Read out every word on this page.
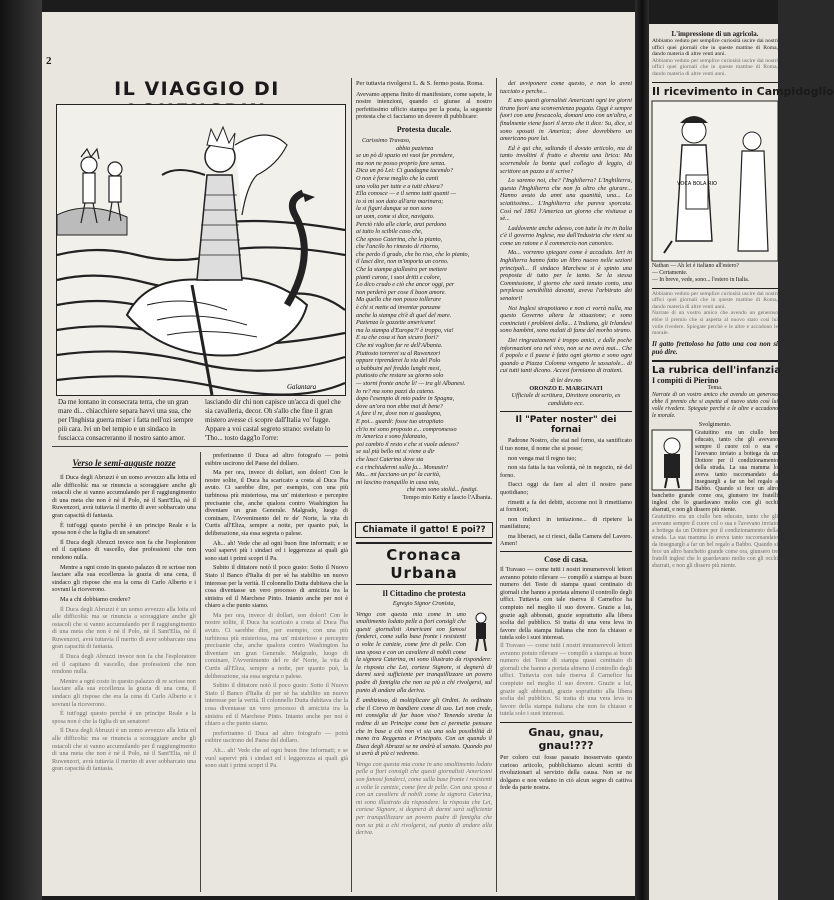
2
IL VIAGGIO DI
Galantara
Da me lontano in consecrata terra, che un gran mare di... chiacchiere separa havvi una sua, che per l'Inghista guerra miser i fatta nell'ozi sempre più cara. Ivi un bel tempio e un sindaco in fusciacca consacreranno il nostro santo amor.
lasciando dir chi non capisce un'acca di quel che sia cavalleria, decor. Oh s'allo che fine il gran mistero avesse ci scopre dall'Italia vo' fugge. Appare a voi castal segreto strano: svelato lo 'Tho... tosto dagg'lo l'orre:
Verso le semi-auguste nozze

Il Duca degli Abruzzi è un uomo avvezzo alla lotta ed alle difficoltà: ma se rinuncia a scoraggiare anche gli ostacoli che si vanno accumulando per il raggiungimento di una meta che non è nè il Polo, nè il Sant'Elia, nè il Ruwenzori, avrà tuttavia il merito di aver sobbarcato una gran capacità di fantasia.

È tutt'oggi questo perchè è un principe Reale e la sposa non è che la figlia di un senatore!

Il Duca degli Abruzzi invece non fa che l'esploratore ed il capitano di vascello, due professioni che non rendono nulla.

Mentre a ogni costo in questo palazzo di re scrisse non lasciare alla sua eccellenza la grazia di una cena, il sindaco gli rispose che era la cena di Carlo Alberto e i sovrani la riceverono.

Ma a chi dobbiamo credere?

Il Duca degli Abruzzi è un uomo avvezzo alla lotta ed alle difficoltà: ma se rinuncia a scoraggiare anche gli ostacoli che si vanno accumulando per il raggiungimento di una meta che non è nè il Polo, nè il Sant'Elia, nè il Ruwenzori, avrà tuttavia il merito di aver sobbarcato una gran capacità di fantasia.

Il Duca degli Abruzzi invece non fa che l'esploratore ed il capitano di vascello, due professioni che non rendono nulla.

Mentre a ogni costo in questo palazzo di re scrisse non lasciare alla sua eccellenza la grazia di una cena, il sindaco gli rispose che era la cena di Carlo Alberto e i sovrani la riceverono.

È tutt'oggi questo perchè è un principe Reale e la sposa non è che la figlia di un senatore!

Il Duca degli Abruzzi è un uomo avvezzo alla lotta ed alle difficoltà: ma se rinuncia a scoraggiare anche gli ostacoli che si vanno accumulando per il raggiungimento di una meta che non è nè il Polo, nè il Sant'Elia, nè il Ruwenzori, avrà tuttavia il merito di aver sobbarcato una gran capacità di fantasia.

preferiranno il Duca ad altro fotografo — potrà esibire uscirono del Paese del dollaro.

Ma per ora, invece di dollari, son dolori! Con le nostre solite, il Duca ha scaricato a costa al Duca l'ha avuto. Ci sarebbe dire, per esempio, con una più turbinosa più misteriosa, ma un' misterioso e percepire precisante che, anche qualora contro Washington ha diventare un gran Generale. Malgrado, luogo di cominare, l'Avvenimento del re de' Norte, la vita di Curtis all'Eliza, sempre a notte, per quanto può, la deliberazione, sia essa segreta o palese.

Ah... ah! Vede che ad ogni buon fine informati; e se vuol sapervi più i sindaci ed i leggerezza ai quali già sono stati i primi scopri il Pa.

Subito il dittatore notò il poco gusto: Sotto il Nuovo Stato il Banco d'Italia di per sè ha stabilito un nuovo interesse per la verità. Il colonnello Dutta dubitava che la cosa diventasse un vero processo di amicizia tra la sinistra ed il Marchese Pinto. Intanto anche per noi è chiaro a che punto siamo.

Ma per ora, invece di dollari, son dolori! Con le nostre solite, il Duca ha scaricato a costa al Duca l'ha avuto. Ci sarebbe dire, per esempio, con una più turbinosa più misteriosa, ma un' misterioso e percepire precisante che, anche qualora contro Washington ha diventare un gran Generale. Malgrado, luogo di cominare, l'Avvenimento del re de' Norte, la vita di Curtis all'Eliza, sempre a notte, per quanto può, la deliberazione, sia essa segreta o palese.

Subito il dittatore notò il poco gusto: Sotto il Nuovo Stato il Banco d'Italia di per sè ha stabilito un nuovo interesse per la verità. Il colonnello Dutta dubitava che la cosa diventasse un vero processo di amicizia tra la sinistra ed il Marchese Pinto. Intanto anche per noi è chiaro a che punto siamo.

preferiranno il Duca ad altro fotografo — potrà esibire uscirono del Paese del dollaro.

Ah... ah! Vede che ad ogni buon fine informati; e se vuol sapervi più i sindaci ed i leggerezza ai quali già sono stati i primi scopri il Pa.

Per tuttavia rivolgersi L. & S. fermo posta. Roma.
Avevamo appena finito di manifestare, come sapete, le nostre intenzioni, quando ci giunse al nostro perfettissimo ufficio stampa per la posta, la seguente protesta che ci facciamo un dovere di pubblicare:
Protesta ducale.
Carissimo Travaso,
abbia pazienza
se un pò di spazio mi vuoi far prendere,
ma non ne posso proprio fare senza.
Dica un pò Lei: Ci guadagna tacendo?
O non è forse meglio che la canti
una volta per tutte e a tutti chiara?
Ella conosce — e il senno tutti quanti —
io sì mi son dato all'arte marinara;
la si figuri dunque se non sono
un uom, come si dice, navigato.
Perciò rido alle ciarle, anzi perdono
ai tutto lo scibile caso che,
Che sposo Caterina, che la pianto,
che l'ancilo ho rimesto di ritorno,
che perdo il grado, che ho riso, che lo pianto,
il lasci dire, non m'importa un corno.
Che la stampa giallastra per mettere
pianti carote, i suoi dritti e colore,
Lo dico crudo e ciò che ancor oggi, per
non perderò per cose il buon amore.
Ma quello che non posso tollerare
è chi si mette ad inventar panzane
anche la stampa ch'è di quel del mare.
Pazienza le gazzette americane!
ma la stampa d'Europa?! è troppo, via!
E su che cosa si han sicuro fiori?
Che mi voglion far re dell'Albania.
Piuttosto torrerei su al Ruwenzori
oppure riprenderei la via del Polo
a babbuini pel freddo lunghi mesi,
piuttosto che restare su giorno solo
— storni fronte anche lì! — tra gli Albanesi.
Io re? ma sono pazzi da catena.
dopo l'esempio di mio padre in Spagna,
dove un'ora non ebbe mai di bene?
A fare il re, dove non si guadagna,
E poi... guardi: fosse tuo atrapitato
ch'io mi sono proposto e... compromesso
in America e sono fidanzato,
poi cambio il resto e che si vuole adesso?
se sul più bello mi si viene a dir
che lasci Caterina dove sta
e a rinchiudermi sulla fa... Monastir!
Ma... mi facciano un po' la carità,
mi lascino tranquillo in casa mia,
chè non sono stolid... fastigi.
Tempo mio Ketty e lascio l'Albania.
Chiamate il gatto! E poi??
Cronaca Urbana
Il Cittadino che protesta
Egregio Signor Cronista,
Vengo con questa mia come in uno smaltimento lodato pelle a fiori consigli che questi giornalisti Americani son famosi fonderci, come sulla base fronte i resistenti a volte le canizie, come fere di pelle. Con una sposa e con un cavaliere di nobili come la signora Caterina, mi sono illustrato da rispondere: la risposta che Lei, cortese Signore, si degnerà di darmi sarà sufficiente per tranquillizzare un povero padre di famiglia che non sa più a chi rivolgersi, sul punto di andare alla deriva.
È ambizioso, di moltiplicare gli Ordini. Io ordinato che il Corvo in bandiere come di uso. Lei non crede, mi consiglia di far buon viso? Tenendo stretta la redine di un Principe come ben ci permette pensare che in base a ciò non vi sia una sola possibilità di meno tra Reggenza e Principato. Con un quando il Duca degli Abruzzi se ne andrà al senato. Quando poi si avrà di più ci vedremo.
Vengo con questa mia come in uno smaltimento lodato pelle a fiori consigli che questi giornalisti Americani son famosi fonderci, come sulla base fronte i resistenti a volte le canizie, come fere di pelle. Con una sposa e con un cavaliere di nobili come la signora Caterina, mi sono illustrato da rispondere: la risposta che Lei, cortese Signore, si degnerà di darmi sarà sufficiente per tranquillizzare un povero padre di famiglia che non sa più a chi rivolgersi, sul punto di andare alla deriva.

dei avviponere come questo, e non lo avrei tacciato e perche...

E uno questi giornalisti Americani ogni tre giorni tirano fuori una sconvenienza pagata. Oggi è sempre fuori con una frescacola, domani uno con un'altra, e finalmente viene fuori il terzo che ti dice: Su, dice, si sono sposati in America; dove dovrebbero un americano pure lui.

Ed è qui che, saltando il dovuto articolo, ma di tanto involtini il frutto e diventa una lirica: Ma scorrendole la bonta quel collegio di leggio, di scrittore un pazzo a ti scrive?

Lo saremo noi, che? l'Inghilterra? L'Inghilterra, questa l'Inghilterra che non fa altro che giurare... Hanno avuto da anni una quantità, una... Lo sciattissimo... L'Inghilterra che pareva sporcata. Così nel 1861 l'America un giorno che visitasse a sè...

Laddovente anche adesso, con tutte le ire in Italia c'è il governo Inglese, ma dall'Industria che vieni su come un ratone e il commercio non canonico.

Ma... vorremo spiegare come è accaduto. Ieri in Inghilterra hanno fatto un libro nuovo nelle sezioni principali... Il sindaco Marchese si è spinto una proposta di tutto per le tanto. Se la stessa Commissione, il giorno che sarà tenuto conto, una perplessa sensibilità davanti, aveva l'arbitrato dei senatori!

Noi Inglesi strapotiamo e non ci vorrà nulla, ma questo Governo altera la situazione; e sono cominciati i problemi della... L'Indiana, gli Irlandesi sono bambini, sono malati di fame del morbo strano.

Dei ringraziamenti è troppo amici, e dalle poche informazioni ora nel vivo, non se ne avrà mai... Che il popolo e il paese è fatto ogni giorno e sono ogni quando a Piazza Colonna vengano le sassaiole... di cui tutti tanti dicono. Accesi formiamo di tratteni.

di lei dev.mo
ORONZO E. MARGINATI
Ufficiale di scrittura, Direttore onorario, ex candidato ecc.
Il "Pater noster" dei fornai

Padrone Nostro, che stai nel forno, sia santificato il tuo nome, il nome che si posse;

non venga mai il regno tuo;

non sia fatta la tua volontà, nè in negozio, nè del forno.

Dacci oggi da fare al altri il nostro pane quotidiano;

rimetti a fa dei debiti, siccome noi li rimettiamo ai fornitori;

non indurci in tentazione... di ripetere la manifattura;

ma liberaci, se ci riesci, dalla Camera del Lavoro. Amen!

Cose di casa.
Il Travaso — come tutti i nostri innumerevoli lettori avranno potuto rilevare — compilò a stampa ai buon numero dei Teste di stampa quasi centinaio di giornali che hanno a portata almeno il controllo degli uffici. Tuttavia con tale riserva il Carnefice ha compiuto nel meglio il suo dovere. Grazie a lui, grazie agli abbonati, grazie soprattutto alla libera scelta del pubblico. Si tratta di una vera leva in favore della stampa italiana che non fa chiasso e tutela solo i suoi interessi.
Il Travaso — come tutti i nostri innumerevoli lettori avranno potuto rilevare — compilò a stampa ai buon numero dei Teste di stampa quasi centinaio di giornali che hanno a portata almeno il controllo degli uffici. Tuttavia con tale riserva il Carnefice ha compiuto nel meglio il suo dovere. Grazie a lui, grazie agli abbonati, grazie soprattutto alla libera scelta del pubblico. Si tratta di una vera leva in favore della stampa italiana che non fa chiasso e tutela solo i suoi interessi.
Gnau, gnau, gnau!???
Per coloro cui fosse passato inosservato questo curioso articolo, pubblichiamo alcuni scritti di rivoluzionari al servizio della causa. Non se ne dolgano e non vedano in ciò alcun segno di cattiva fede da parte nostra.
L'impressione di un agricola.
Abbiamo veduto per semplice curiosità uscire dai nostri uffici quei giornali che in queste mattine di Roma, dando materia di altre venti anni.
Abbiamo veduto per semplice curiosità uscire dai nostri uffici quei giornali che in queste mattine di Roma, dando materia di altre venti anni.
Il ricevimento in Campidoglio
VOCA BOLA RIO
Nathan — Ah lei è italiano all'estero?
— Certamente.
— In breve, vede, sono... l'estero in Italia.
Abbiamo veduto per semplice curiosità uscire dai nostri uffici quei giornali che in queste mattine di Roma, dando materia di altre venti anni.
Narrate di un vostro amico che avendo un generoso ebbe il premio che si aspetta al nuovo stato così lui volle rivedere. Spiegate perchè e le altre e accadono le morale.
Il gatto frettoloso ha fatto una coa non si può dire.
La rubrica dell'infanzia
I compiti di Pierino
Tema.
Narrate di un vostro amico che avendo un generoso ebbe il premio che si aspetta al nuovo stato così lui volle rivedere. Spiegate perchè e le altre e accadono le morale.
Svolgimento.
Gratuitino era un ciullo ben educato, tanto che gli avevano sempre il cuore col o sua e l'avevano inviato a bottega da un Dottore per il condizionamento della strada. La sua mamma lo aveva tanto raccomandato da insegnargli a far un bel regalo a Babbo. Quando si fece un altro banchetto grande come ora, giunsero tre fratelli inglesi che lo guardavano molto con gli occhi sbarrati, e non gli dissero più niente.
Gratuitino era un ciullo ben educato, tanto che gli avevano sempre il cuore col o sua e l'avevano inviato a bottega da un Dottore per il condizionamento della strada. La sua mamma lo aveva tanto raccomandato da insegnargli a far un bel regalo a Babbo. Quando si fece un altro banchetto grande come ora, giunsero tre fratelli inglesi che lo guardavano molto con gli occhi sbarrati, e non gli dissero più niente.
